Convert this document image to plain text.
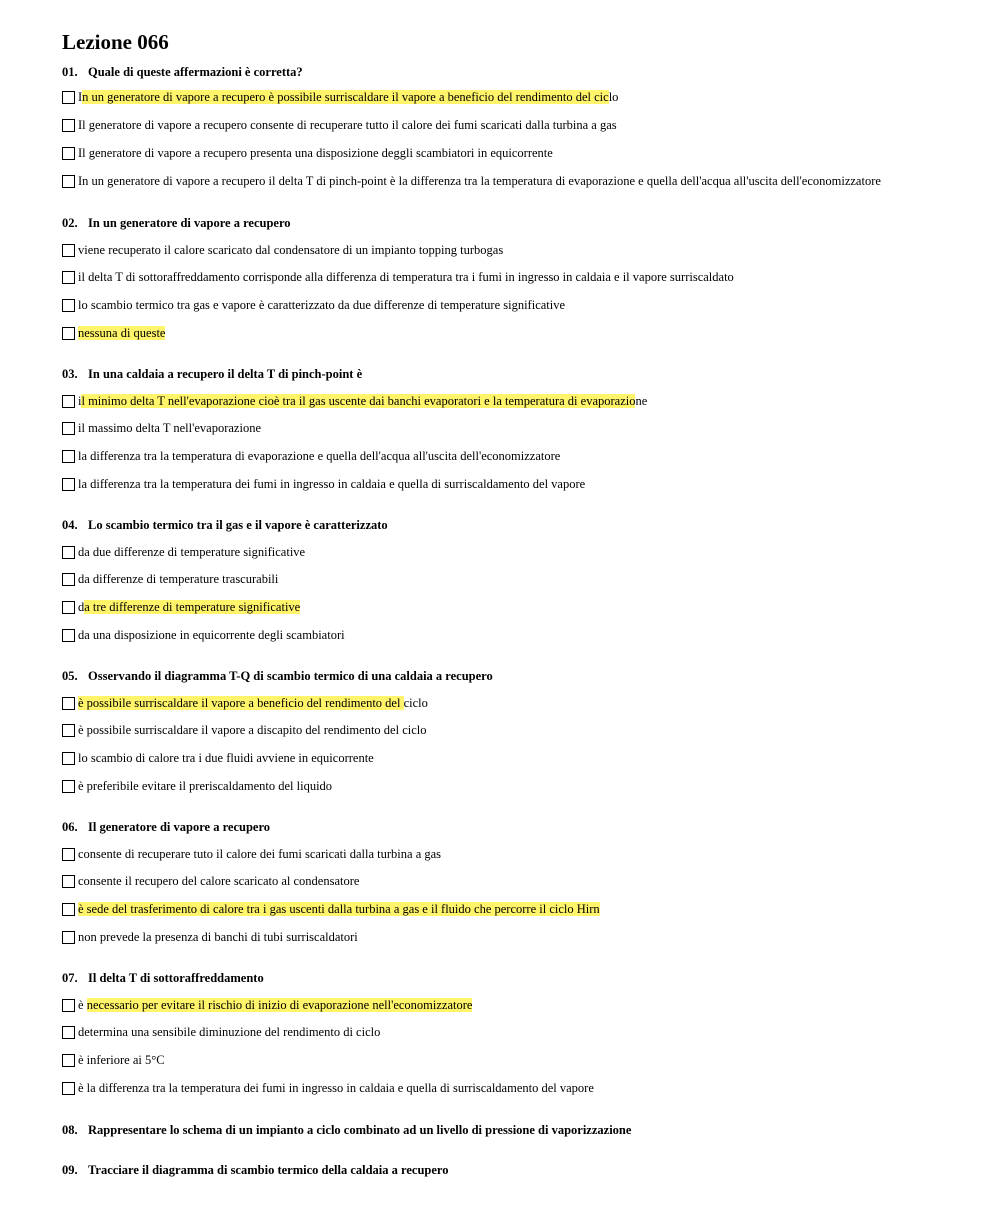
Lezione 066
01. Quale di queste affermazioni è corretta?
In un generatore di vapore a recupero è possibile surriscaldare il vapore a beneficio del rendimento del ciclo
Il generatore di vapore a recupero consente di recuperare tutto il calore dei fumi scaricati dalla turbina a gas
Il generatore di vapore a recupero presenta una disposizione deggli scambiatori in equicorrente
In un generatore di vapore a recupero il delta T di pinch-point è la differenza tra la temperatura di evaporazione e quella dell'acqua all'uscita dell'economizzatore
02. In un generatore di vapore a recupero
viene recuperato il calore scaricato dal condensatore di un impianto topping turbogas
il delta T di sottoraffreddamento corrisponde alla differenza di temperatura tra i fumi in ingresso in caldaia e il vapore surriscaldato
lo scambio termico tra gas e vapore è caratterizzato da due differenze di temperature significative
nessuna di queste
03. In una caldaia a recupero il delta T di pinch-point è
il minimo delta T nell'evaporazione cioè tra il gas uscente dai banchi evaporatori e la temperatura di evaporazione
il massimo delta T nell'evaporazione
la differenza tra la temperatura di evaporazione e quella dell'acqua all'uscita dell'economizzatore
la differenza tra la temperatura dei fumi in ingresso in caldaia e quella di surriscaldamento del vapore
04. Lo scambio termico tra il gas e il vapore è caratterizzato
da due differenze di temperature significative
da differenze di temperature trascurabili
da tre differenze di temperature significative
da una disposizione in equicorrente degli scambiatori
05. Osservando il diagramma T-Q di scambio termico di una caldaia a recupero
è possibile surriscaldare il vapore a beneficio del rendimento del ciclo
è possibile surriscaldare il vapore a discapito del rendimento del ciclo
lo scambio di calore tra i due fluidi avviene in equicorrente
è preferibile evitare il preriscaldamento del liquido
06. Il generatore di vapore a recupero
consente di recuperare tuto il calore dei fumi scaricati dalla turbina a gas
consente il recupero del calore scaricato al condensatore
è sede del trasferimento di calore tra i gas uscenti dalla turbina a gas e il fluido che percorre il ciclo Hirn
non prevede la presenza di banchi di tubi surriscaldatori
07. Il delta T di sottoraffreddamento
è necessario per evitare il rischio di inizio di evaporazione nell'economizzatore
determina una sensibile diminuzione del rendimento di ciclo
è inferiore ai 5°C
è la differenza tra la temperatura dei fumi in ingresso in caldaia e quella di surriscaldamento del vapore
08. Rappresentare lo schema di un impianto a ciclo combinato ad un livello di pressione di vaporizzazione
09. Tracciare il diagramma di scambio termico della caldaia a recupero
